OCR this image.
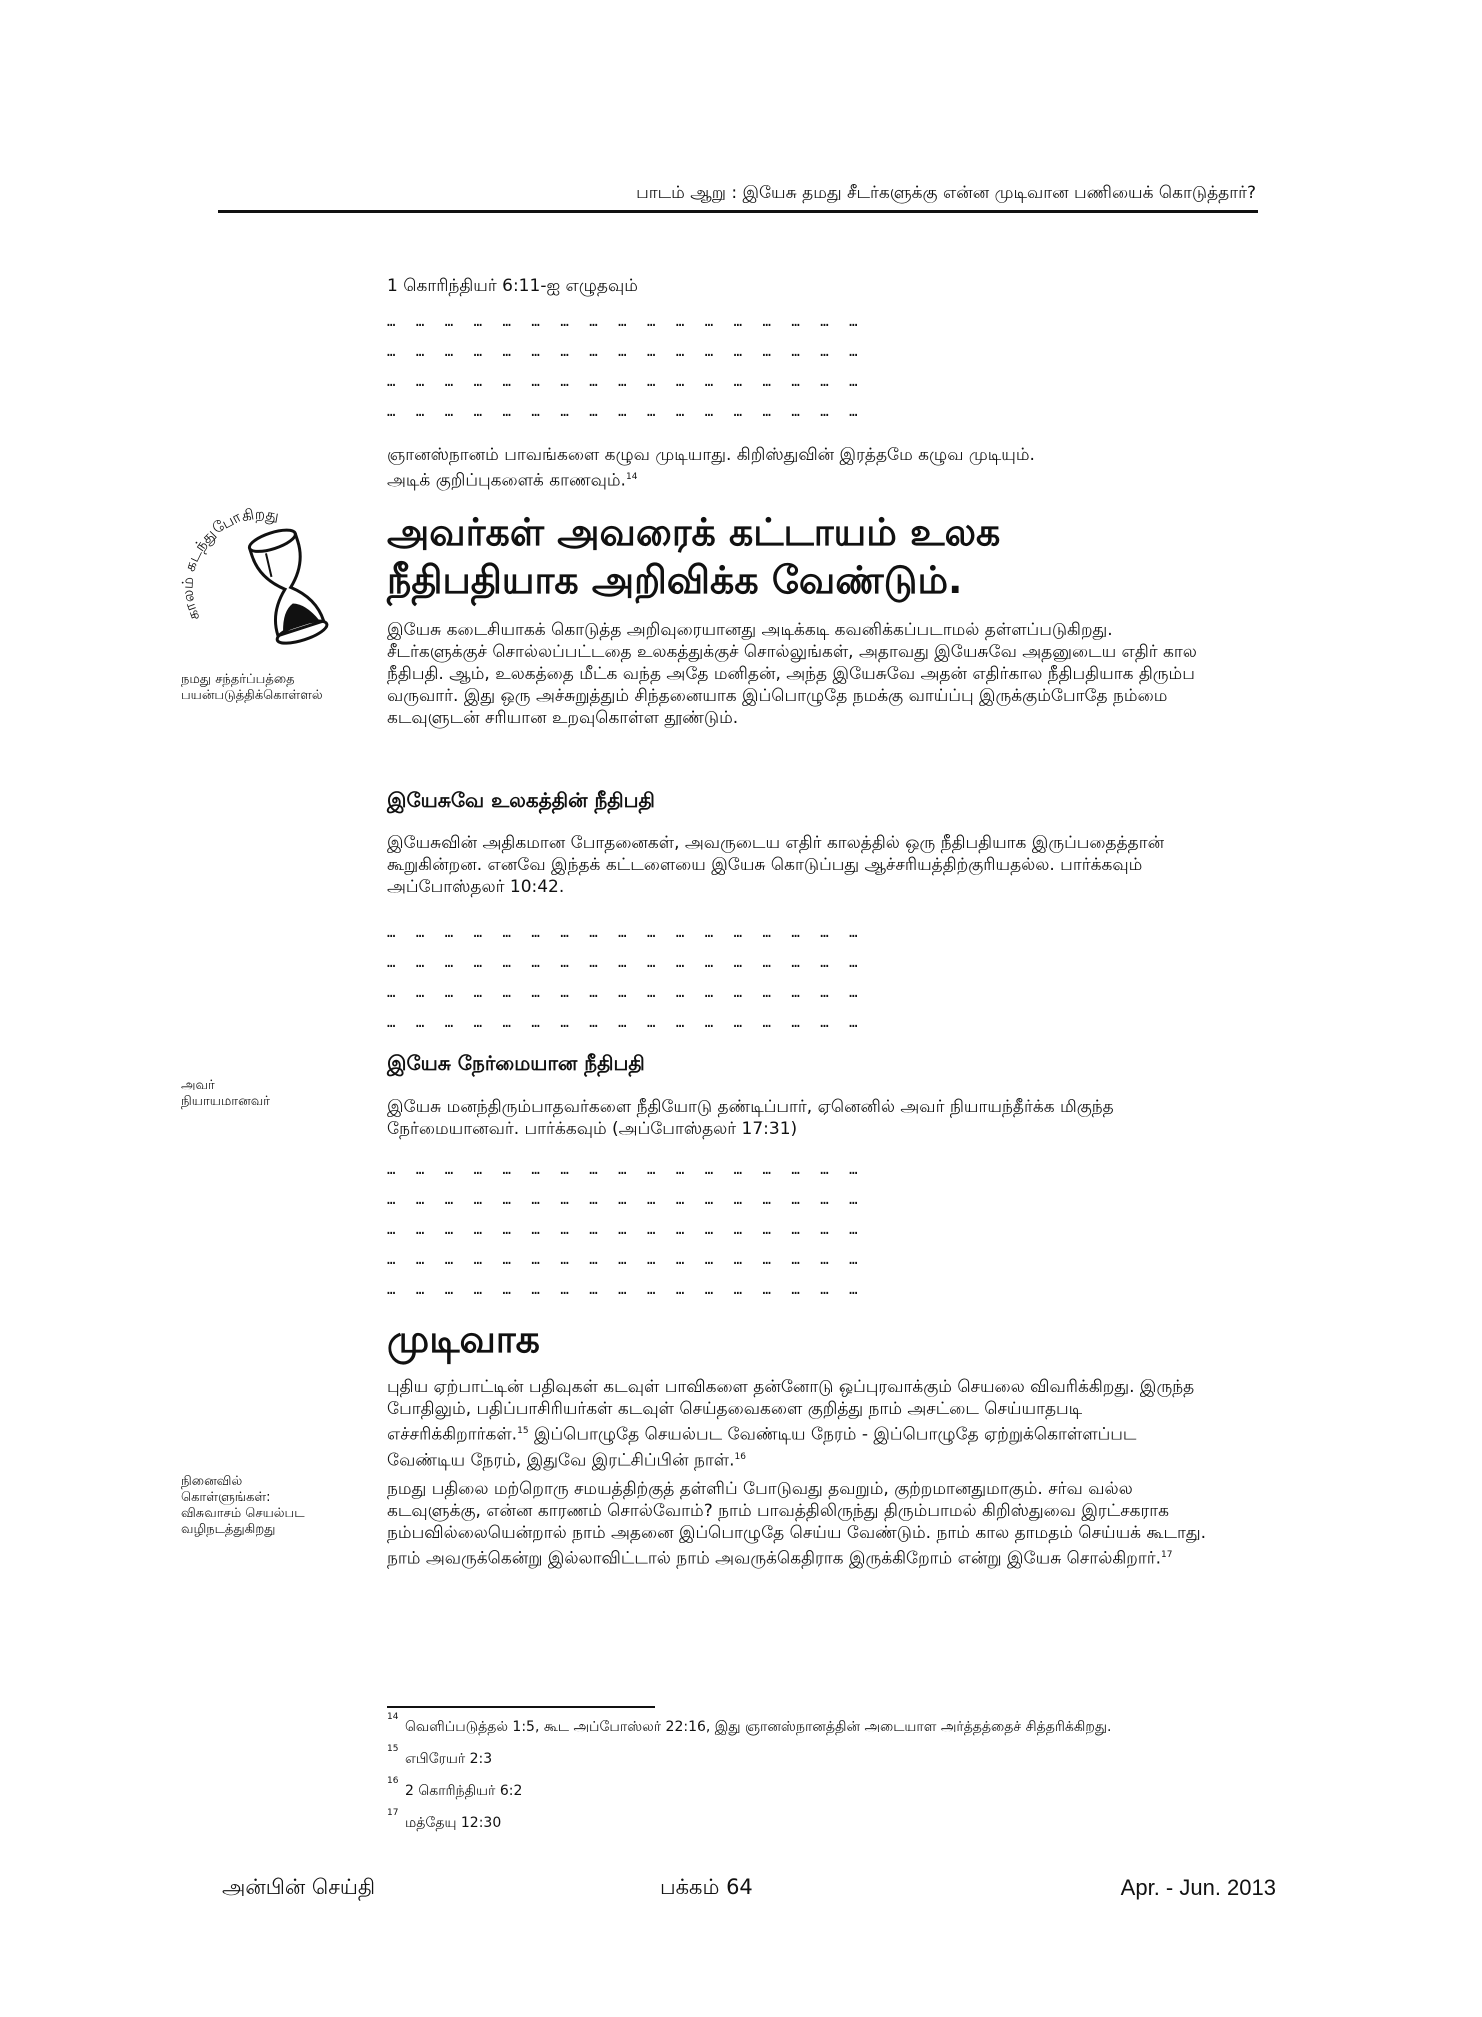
பாடம் ஆறு : இயேசு தமது சீடர்களுக்கு என்ன முடிவான பணியைக் கொடுத்தார்?
1 கொரிந்தியர் 6:11-ஐ எழுதவும்
…  …  …  …  …  …  …  …  …  …  …  …  …  …  …  …  …
…  …  …  …  …  …  …  …  …  …  …  …  …  …  …  …  …
…  …  …  …  …  …  …  …  …  …  …  …  …  …  …  …  …
…  …  …  …  …  …  …  …  …  …  …  …  …  …  …  …  …
ஞானஸ்நானம் பாவங்களை கழுவ முடியாது. கிறிஸ்துவின் இரத்தமே கழுவ முடியும்.
அடிக் குறிப்புகளைக் காணவும்.$^{14}$
காலம் கடந்துபோகிறது
நமது சந்தர்ப்பத்தை
பயன்படுத்திக்கொள்ளல்
அவர்கள் அவரைக் கட்டாயம் உலக
நீதிபதியாக அறிவிக்க வேண்டும்.
இயேசு கடைசியாகக் கொடுத்த அறிவுரையானது அடிக்கடி கவனிக்கப்படாமல் தள்ளப்படுகிறது. சீடர்களுக்குச் சொல்லப்பட்டதை உலகத்துக்குச் சொல்லுங்கள், அதாவது இயேசுவே அதனுடைய எதிர் கால நீதிபதி. ஆம், உலகத்தை மீட்க வந்த அதே மனிதன், அந்த இயேசுவே அதன் எதிர்கால நீதிபதியாக திரும்ப வருவார். இது ஒரு அச்சுறுத்தும் சிந்தனையாக இப்பொழுதே நமக்கு வாய்ப்பு இருக்கும்போதே நம்மை கடவுளுடன் சரியான உறவுகொள்ள தூண்டும்.
இயேசுவே உலகத்தின் நீதிபதி
இயேசுவின் அதிகமான போதனைகள், அவருடைய எதிர் காலத்தில் ஒரு நீதிபதியாக இருப்பதைத்தான் கூறுகின்றன. எனவே இந்தக் கட்டளையை இயேசு கொடுப்பது ஆச்சரியத்திற்குரியதல்ல. பார்க்கவும் அப்போஸ்தலர் 10:42.
…  …  …  …  …  …  …  …  …  …  …  …  …  …  …  …  …
…  …  …  …  …  …  …  …  …  …  …  …  …  …  …  …  …
…  …  …  …  …  …  …  …  …  …  …  …  …  …  …  …  …
…  …  …  …  …  …  …  …  …  …  …  …  …  …  …  …  …
இயேசு நேர்மையான நீதிபதி
அவர்
நியாயமானவர்	இயேசு மனந்திரும்பாதவர்களை நீதியோடு தண்டிப்பார், ஏனெனில் அவர் நியாயந்தீர்க்க மிகுந்த நேர்மையானவர். பார்க்கவும் (அப்போஸ்தலர் 17:31)
…  …  …  …  …  …  …  …  …  …  …  …  …  …  …  …  …
…  …  …  …  …  …  …  …  …  …  …  …  …  …  …  …  …
…  …  …  …  …  …  …  …  …  …  …  …  …  …  …  …  …
…  …  …  …  …  …  …  …  …  …  …  …  …  …  …  …  …
…  …  …  …  …  …  …  …  …  …  …  …  …  …  …  …  …
முடிவாக
புதிய ஏற்பாட்டின் பதிவுகள் கடவுள் பாவிகளை தன்னோடு ஒப்புரவாக்கும் செயலை விவரிக்கிறது. இருந்த போதிலும், பதிப்பாசிரியர்கள் கடவுள் செய்தவைகளை குறித்து நாம் அசட்டை செய்யாதபடி எச்சரிக்கிறார்கள்.$^{15}$ இப்பொழுதே செயல்பட வேண்டிய நேரம் - இப்பொழுதே ஏற்றுக்கொள்ளப்பட வேண்டிய நேரம், இதுவே இரட்சிப்பின் நாள்.$^{16}$
நினைவில்
கொள்ளுங்கள்:
விசுவாசம் செயல்பட
வழிநடத்துகிறது
நமது பதிலை மற்றொரு சமயத்திற்குத் தள்ளிப் போடுவது தவறும், குற்றமானதுமாகும். சர்வ வல்ல கடவுளுக்கு, என்ன காரணம் சொல்வோம்? நாம் பாவத்திலிருந்து திரும்பாமல் கிறிஸ்துவை இரட்சகராக நம்பவில்லையென்றால் நாம் அதனை இப்பொழுதே செய்ய வேண்டும். நாம் கால தாமதம் செய்யக் கூடாது. நாம் அவருக்கென்று இல்லாவிட்டால் நாம் அவருக்கெதிராக இருக்கிறோம் என்று இயேசு சொல்கிறார்.$^{17}$
14
வெளிப்படுத்தல் 1:5, கூட அப்போஸ்லர் 22:16, இது ஞானஸ்நானத்தின் அடையாள அர்த்தத்தைச் சித்தரிக்கிறது.
15
எபிரேயர் 2:3
16
2 கொரிந்தியர் 6:2
17
மத்தேயு 12:30
அன்பின் செய்தி	பக்கம் 64	Apr. - Jun. 2013
